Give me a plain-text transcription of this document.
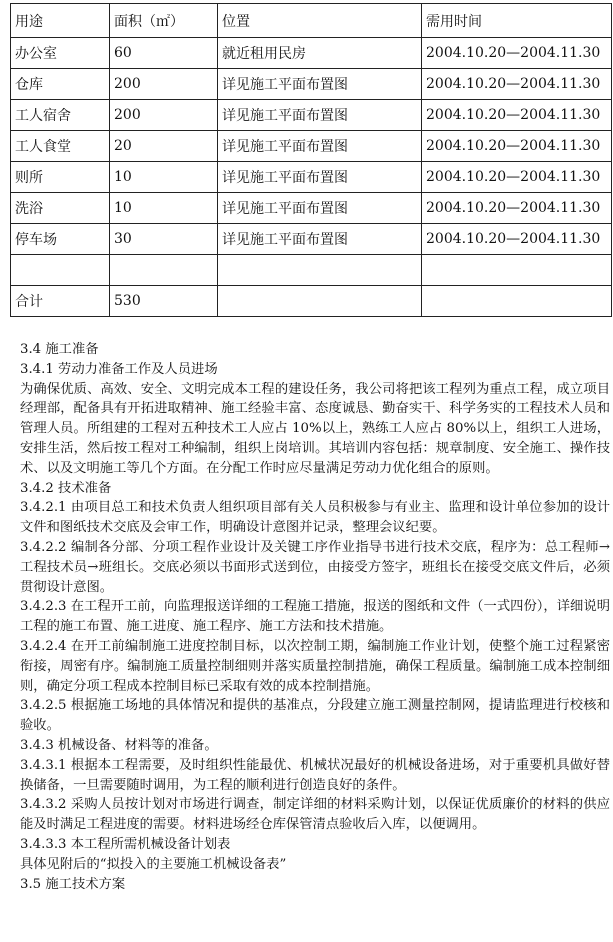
用途	面积（㎡）	位置	需用时间
办公室	60	就近租用民房	2004.10.20—2004.11.30
仓库	200	详见施工平面布置图	2004.10.20—2004.11.30
工人宿舍	200	详见施工平面布置图	2004.10.20—2004.11.30
工人食堂	20	详见施工平面布置图	2004.10.20—2004.11.30
则所	10	详见施工平面布置图	2004.10.20—2004.11.30
洗浴	10	详见施工平面布置图	2004.10.20—2004.11.30
停车场	30	详见施工平面布置图	2004.10.20—2004.11.30

合计	530		

3.4 施工准备

3.4.1 劳动力准备工作及人员进场

为确保优质、高效、安全、文明完成本工程的建设任务，我公司将把该工程列为重点工程，成立项目经理部，配备具有开拓进取精神、施工经验丰富、态度诚恳、勤奋实干、科学务实的工程技术人员和管理人员。所组建的工程对五种技术工人应占 10%以上，熟练工人应占 80%以上，组织工人进场，安排生活，然后按工程对工种编制，组织上岗培训。其培训内容包括：规章制度、安全施工、操作技术、以及文明施工等几个方面。在分配工作时应尽量满足劳动力优化组合的原则。

3.4.2 技术准备

3.4.2.1 由项目总工和技术负责人组织项目部有关人员积极参与有业主、监理和设计单位参加的设计文件和图纸技术交底及会审工作，明确设计意图并记录，整理会议纪要。

3.4.2.2 编制各分部、分项工程作业设计及关键工序作业指导书进行技术交底，程序为：总工程师→工程技术员→班组长。交底必须以书面形式送到位，由接受方签字，班组长在接受交底文件后，必须贯彻设计意图。

3.4.2.3 在工程开工前，向监理报送详细的工程施工措施，报送的图纸和文件（一式四份），详细说明工程的施工布置、施工进度、施工程序、施工方法和技术措施。

3.4.2.4 在开工前编制施工进度控制目标，以次控制工期，编制施工作业计划，使整个施工过程紧密衔接，周密有序。编制施工质量控制细则并落实质量控制措施，确保工程质量。编制施工成本控制细则，确定分项工程成本控制目标已采取有效的成本控制措施。

3.4.2.5 根据施工场地的具体情况和提供的基准点，分段建立施工测量控制网，提请监理进行校核和验收。

3.4.3 机械设备、材料等的准备。

3.4.3.1 根据本工程需要，及时组织性能最优、机械状况最好的机械设备进场，对于重要机具做好替换储备，一旦需要随时调用，为工程的顺利进行创造良好的条件。

3.4.3.2 采购人员按计划对市场进行调查，制定详细的材料采购计划，以保证优质廉价的材料的供应能及时满足工程进度的需要。材料进场经仓库保管清点验收后入库，以便调用。

3.4.3.3 本工程所需机械设备计划表

具体见附后的“拟投入的主要施工机械设备表”

3.5 施工技术方案
